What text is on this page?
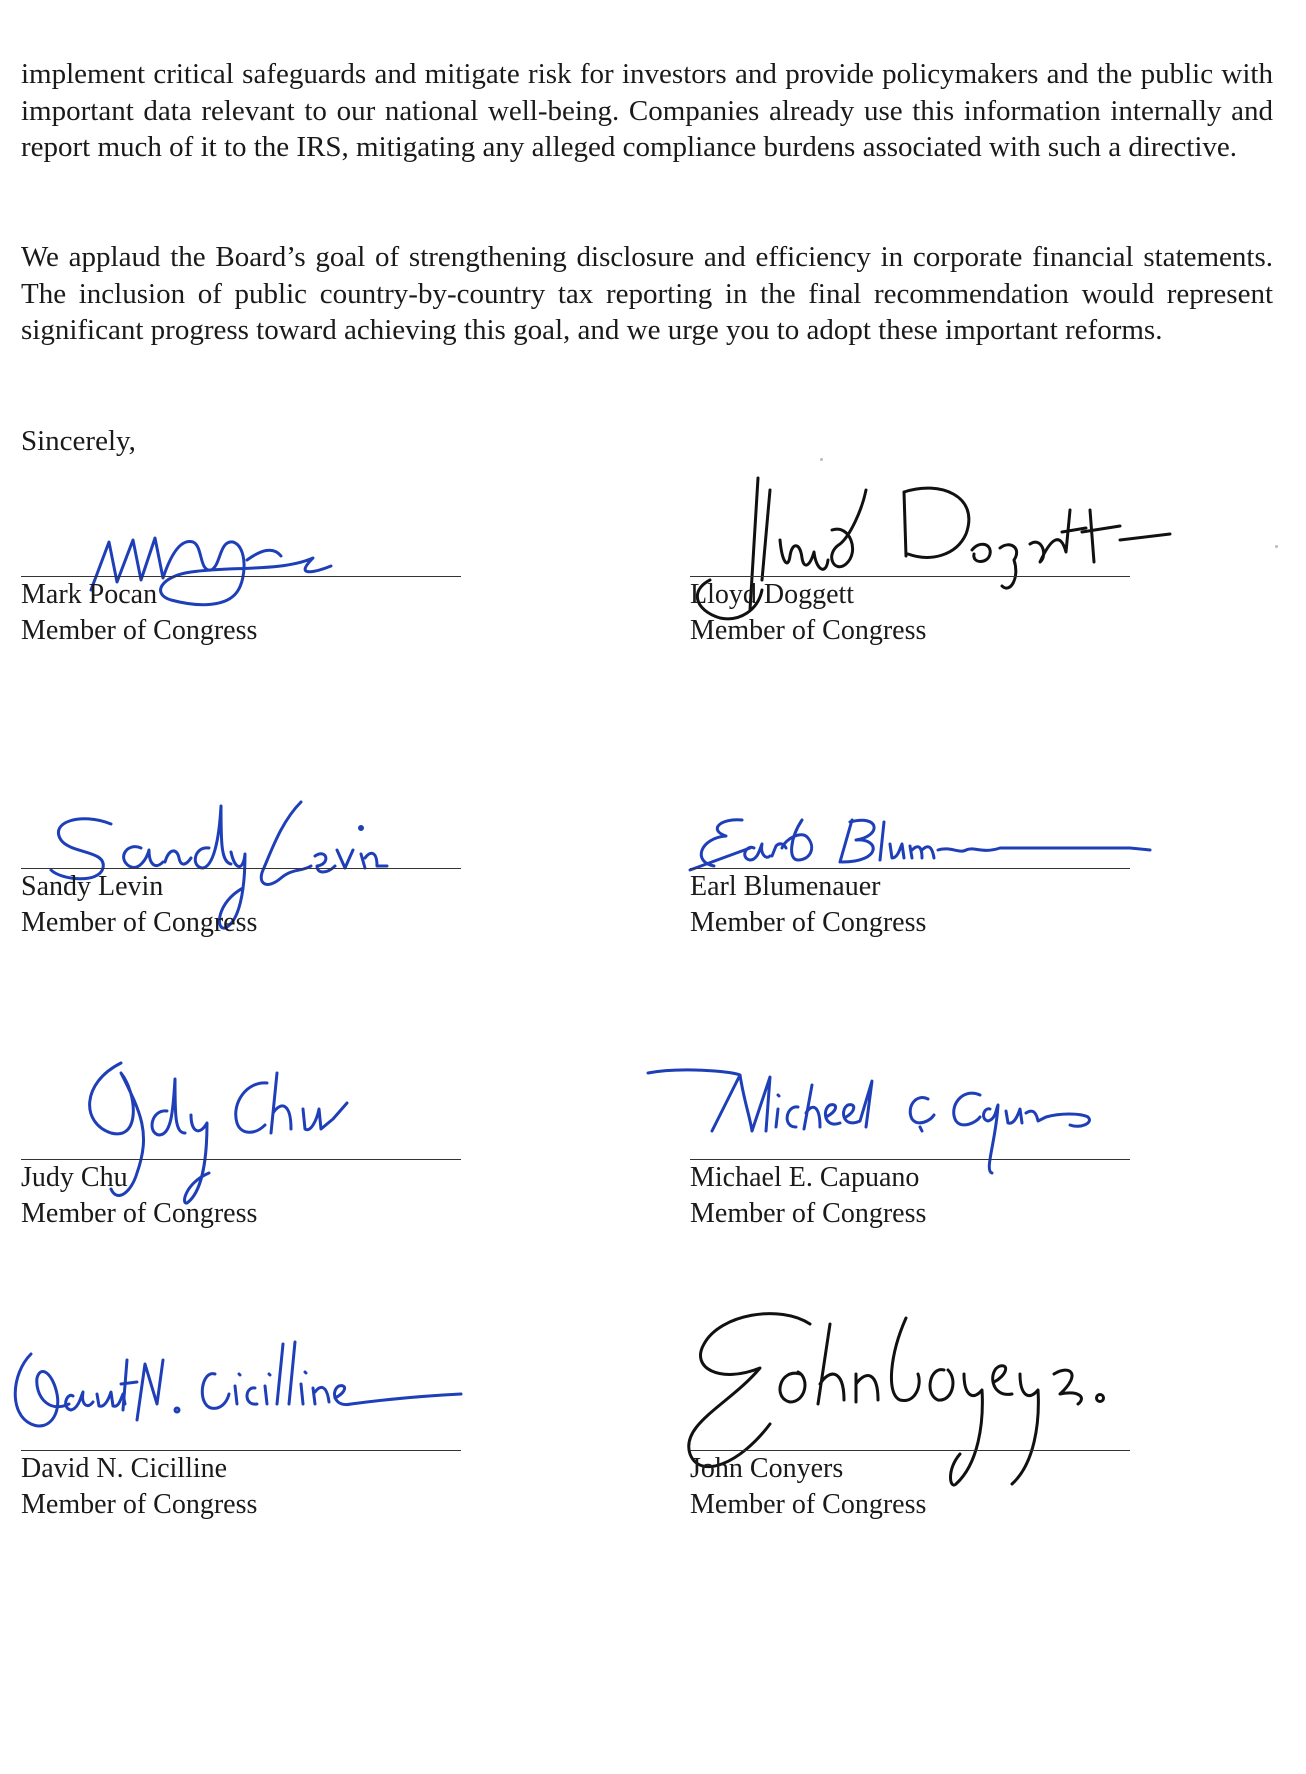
implement critical safeguards and mitigate risk for investors and provide policymakers and the public with important data relevant to our national well-being. Companies already use this information internally and report much of it to the IRS, mitigating any alleged compliance burdens associated with such a directive.

We applaud the Board’s goal of strengthening disclosure and efficiency in corporate financial statements. The inclusion of public country-by-country tax reporting in the final recommendation would represent significant progress toward achieving this goal, and we urge you to adopt these important reforms.

Sincerely,

Mark Pocan
Member of Congress
Lloyd Doggett
Member of Congress
Sandy Levin
Member of Congress
Earl Blumenauer
Member of Congress
Judy Chu
Member of Congress
Michael E. Capuano
Member of Congress
David N. Cicilline
Member of Congress
John Conyers
Member of Congress
